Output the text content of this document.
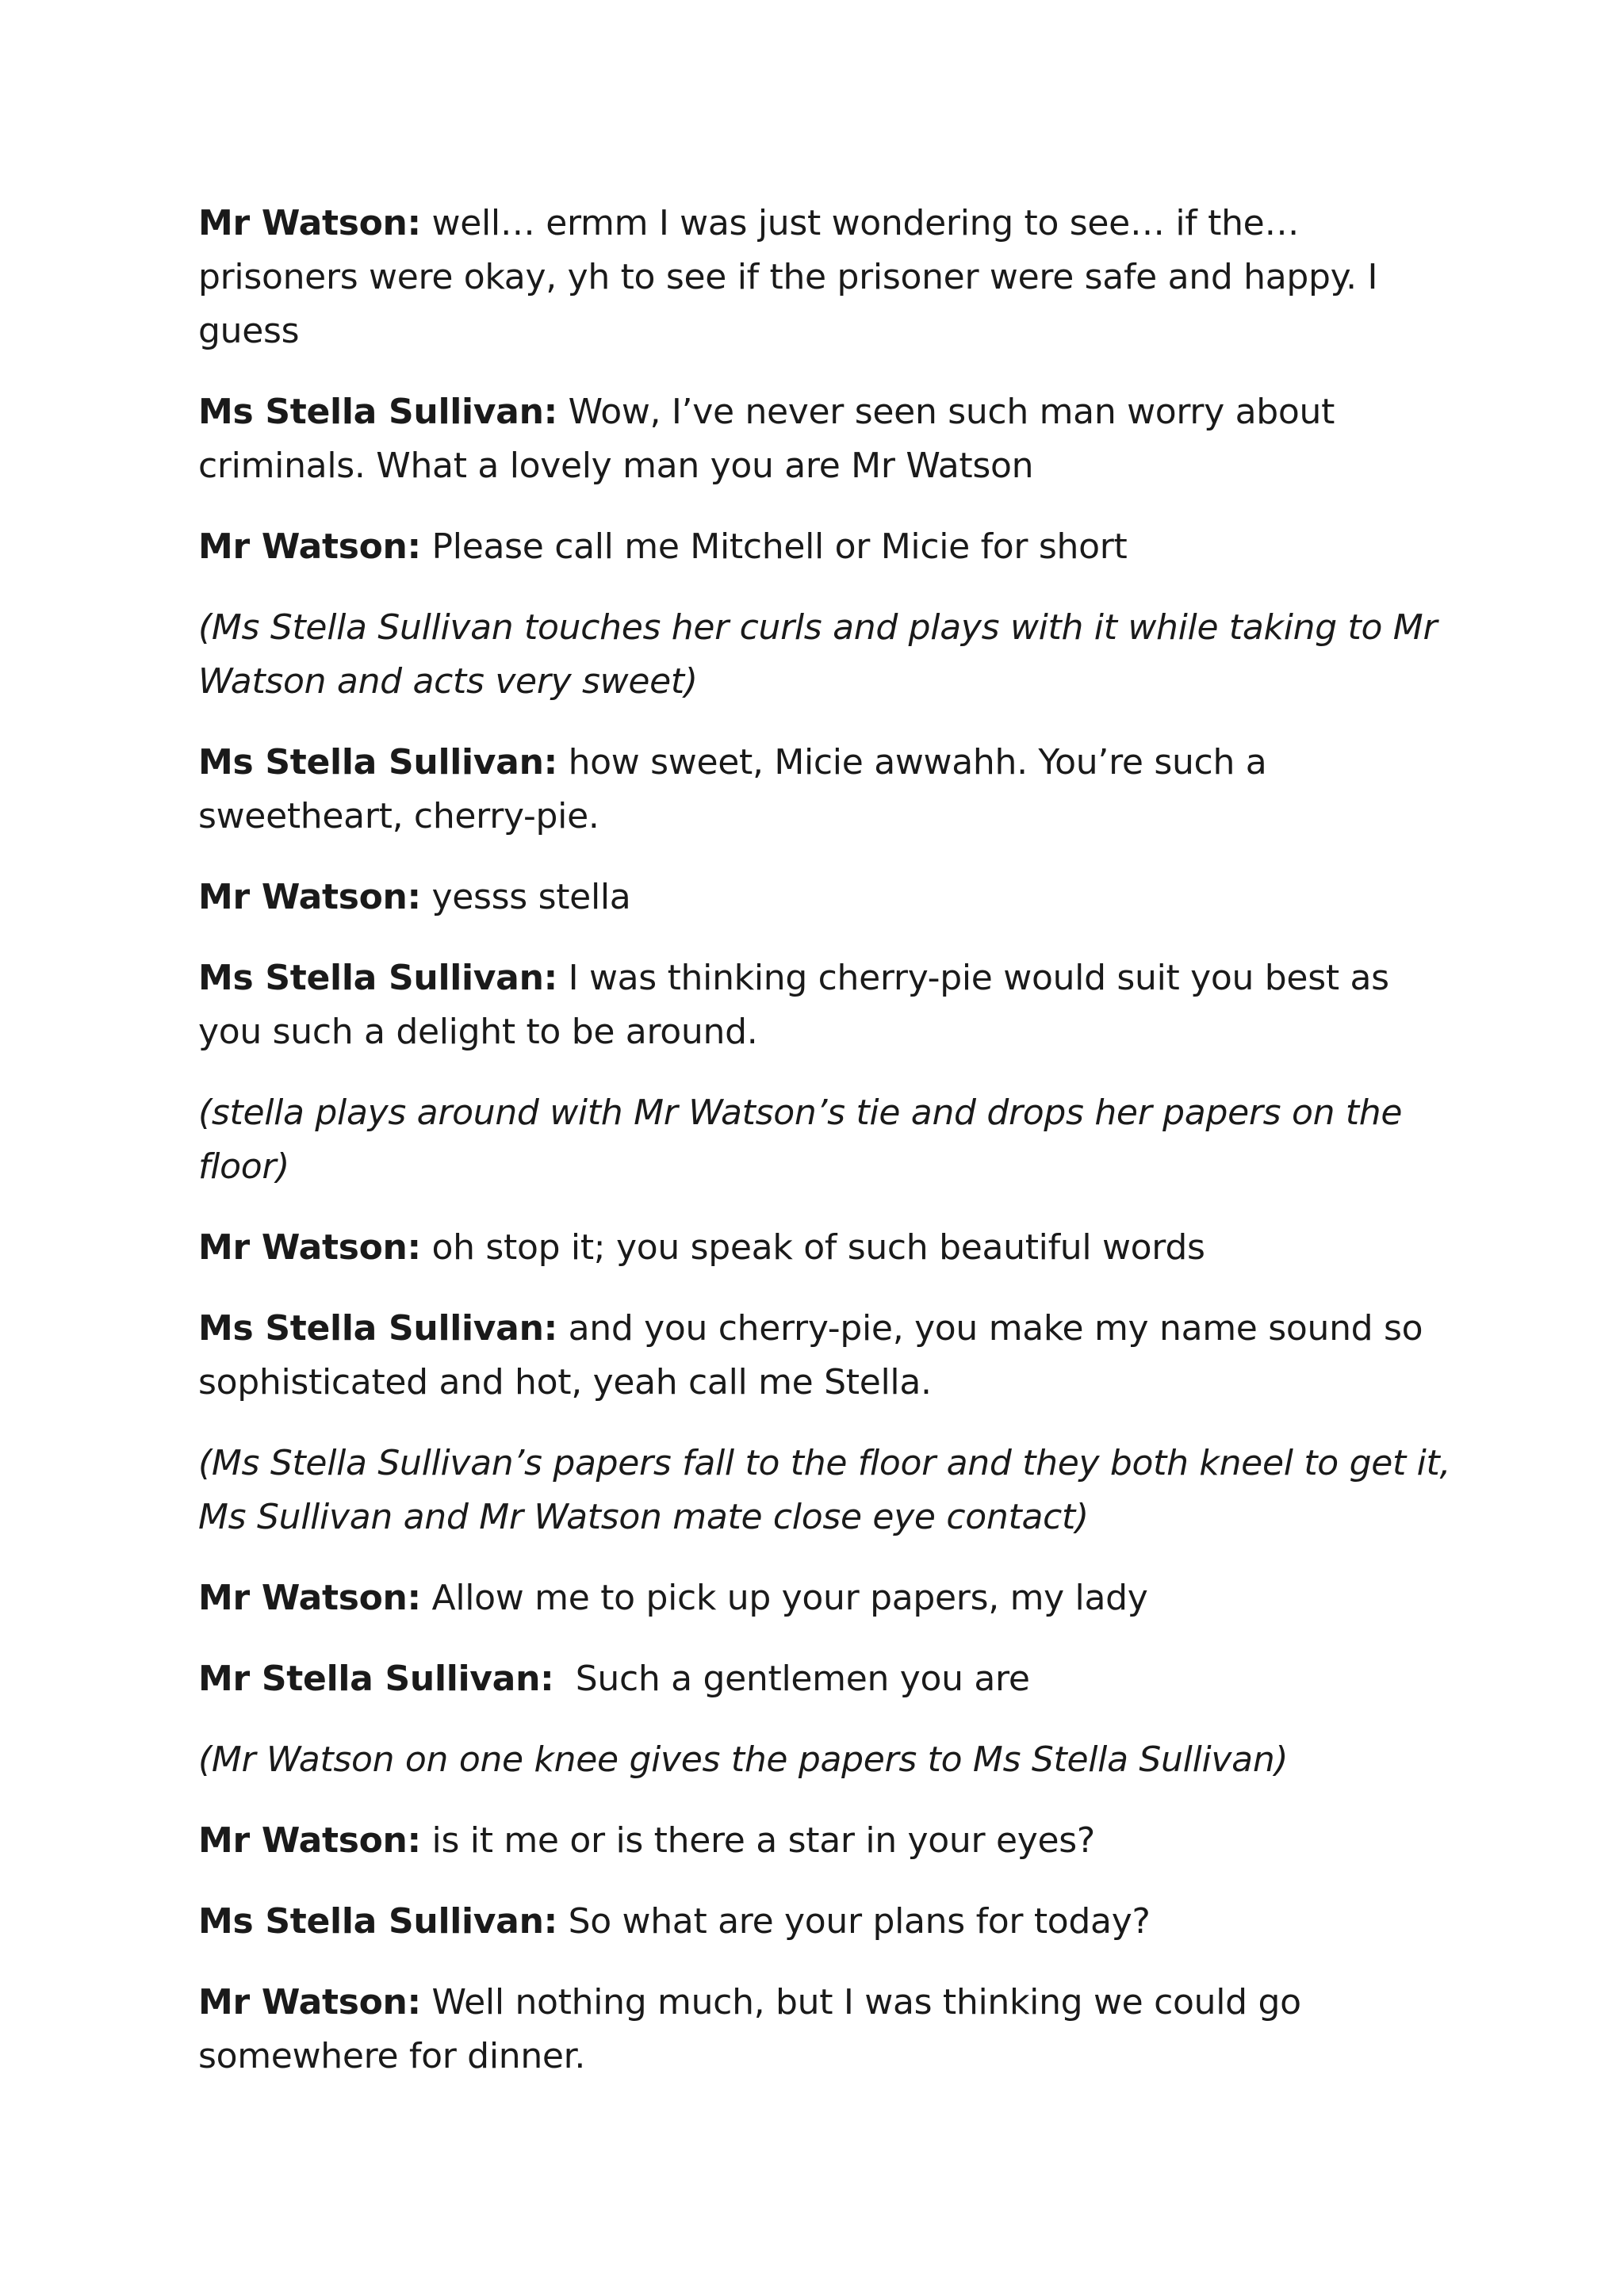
Mr Watson: well… ermm I was just wondering to see… if the… prisoners were okay, yh to see if the prisoner were safe and happy. I guess

Ms Stella Sullivan: Wow, I’ve never seen such man worry about criminals. What a lovely man you are Mr Watson

Mr Watson: Please call me Mitchell or Micie for short

(Ms Stella Sullivan touches her curls and plays with it while taking to Mr Watson and acts very sweet)

Ms Stella Sullivan: how sweet, Micie awwahh. You’re such a sweetheart, cherry-pie.

Mr Watson: yesss stella

Ms Stella Sullivan: I was thinking cherry-pie would suit you best as you such a delight to be around.

(stella plays around with Mr Watson’s tie and drops her papers on the floor)

Mr Watson: oh stop it; you speak of such beautiful words

Ms Stella Sullivan: and you cherry-pie, you make my name sound so sophisticated and hot, yeah call me Stella.

(Ms Stella Sullivan’s papers fall to the floor and they both kneel to get it, Ms Sullivan and Mr Watson mate close eye contact)

Mr Watson: Allow me to pick up your papers, my lady

Mr Stella Sullivan:  Such a gentlemen you are

(Mr Watson on one knee gives the papers to Ms Stella Sullivan)

Mr Watson: is it me or is there a star in your eyes?

Ms Stella Sullivan: So what are your plans for today?

Mr Watson: Well nothing much, but I was thinking we could go somewhere for dinner.
